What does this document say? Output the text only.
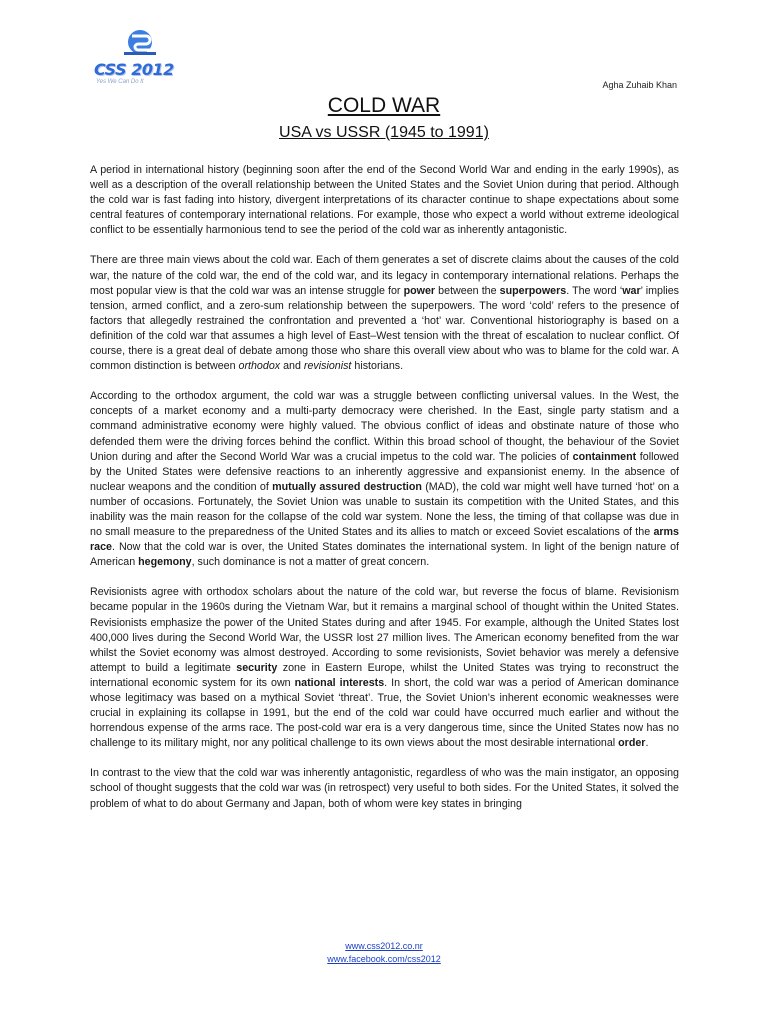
CSS 2012
Yes We Can Do It	Agha Zuhaib Khan
COLD WAR
USA vs USSR (1945 to 1991)

A period in international history (beginning soon after the end of the Second World War and ending in the early 1990s), as well as a description of the overall relationship between the United States and the Soviet Union during that period. Although the cold war is fast fading into history, divergent interpretations of its character continue to shape expectations about some central features of contemporary international relations. For example, those who expect a world without extreme ideological conflict to be essentially harmonious tend to see the period of the cold war as inherently antagonistic.

There are three main views about the cold war. Each of them generates a set of discrete claims about the causes of the cold war, the nature of the cold war, the end of the cold war, and its legacy in contemporary international relations. Perhaps the most popular view is that the cold war was an intense struggle for power between the superpowers. The word ‘war’ implies tension, armed conflict, and a zero-sum relationship between the superpowers. The word ‘cold’ refers to the presence of factors that allegedly restrained the confrontation and prevented a ‘hot’ war. Conventional historiography is based on a definition of the cold war that assumes a high level of East–West tension with the threat of escalation to nuclear conflict. Of course, there is a great deal of debate among those who share this overall view about who was to blame for the cold war. A common distinction is between orthodox and revisionist historians.

According to the orthodox argument, the cold war was a struggle between conflicting universal values. In the West, the concepts of a market economy and a multi-party democracy were cherished. In the East, single party statism and a command administrative economy were highly valued. The obvious conflict of ideas and obstinate nature of those who defended them were the driving forces behind the conflict. Within this broad school of thought, the behaviour of the Soviet Union during and after the Second World War was a crucial impetus to the cold war. The policies of containment followed by the United States were defensive reactions to an inherently aggressive and expansionist enemy. In the absence of nuclear weapons and the condition of mutually assured destruction (MAD), the cold war might well have turned ‘hot’ on a number of occasions. Fortunately, the Soviet Union was unable to sustain its competition with the United States, and this inability was the main reason for the collapse of the cold war system. None the less, the timing of that collapse was due in no small measure to the preparedness of the United States and its allies to match or exceed Soviet escalations of the arms race. Now that the cold war is over, the United States dominates the international system. In light of the benign nature of American hegemony, such dominance is not a matter of great concern.

Revisionists agree with orthodox scholars about the nature of the cold war, but reverse the focus of blame. Revisionism became popular in the 1960s during the Vietnam War, but it remains a marginal school of thought within the United States. Revisionists emphasize the power of the United States during and after 1945. For example, although the United States lost 400,000 lives during the Second World War, the USSR lost 27 million lives. The American economy benefited from the war whilst the Soviet economy was almost destroyed. According to some revisionists, Soviet behavior was merely a defensive attempt to build a legitimate security zone in Eastern Europe, whilst the United States was trying to reconstruct the international economic system for its own national interests. In short, the cold war was a period of American dominance whose legitimacy was based on a mythical Soviet ‘threat’. True, the Soviet Union’s inherent economic weaknesses were crucial in explaining its collapse in 1991, but the end of the cold war could have occurred much earlier and without the horrendous expense of the arms race. The post-cold war era is a very dangerous time, since the United States now has no challenge to its military might, nor any political challenge to its own views about the most desirable international order.

In contrast to the view that the cold war was inherently antagonistic, regardless of who was the main instigator, an opposing school of thought suggests that the cold war was (in retrospect) very useful to both sides. For the United States, it solved the problem of what to do about Germany and Japan, both of whom were key states in bringing

www.css2012.co.nr
www.facebook.com/css2012
